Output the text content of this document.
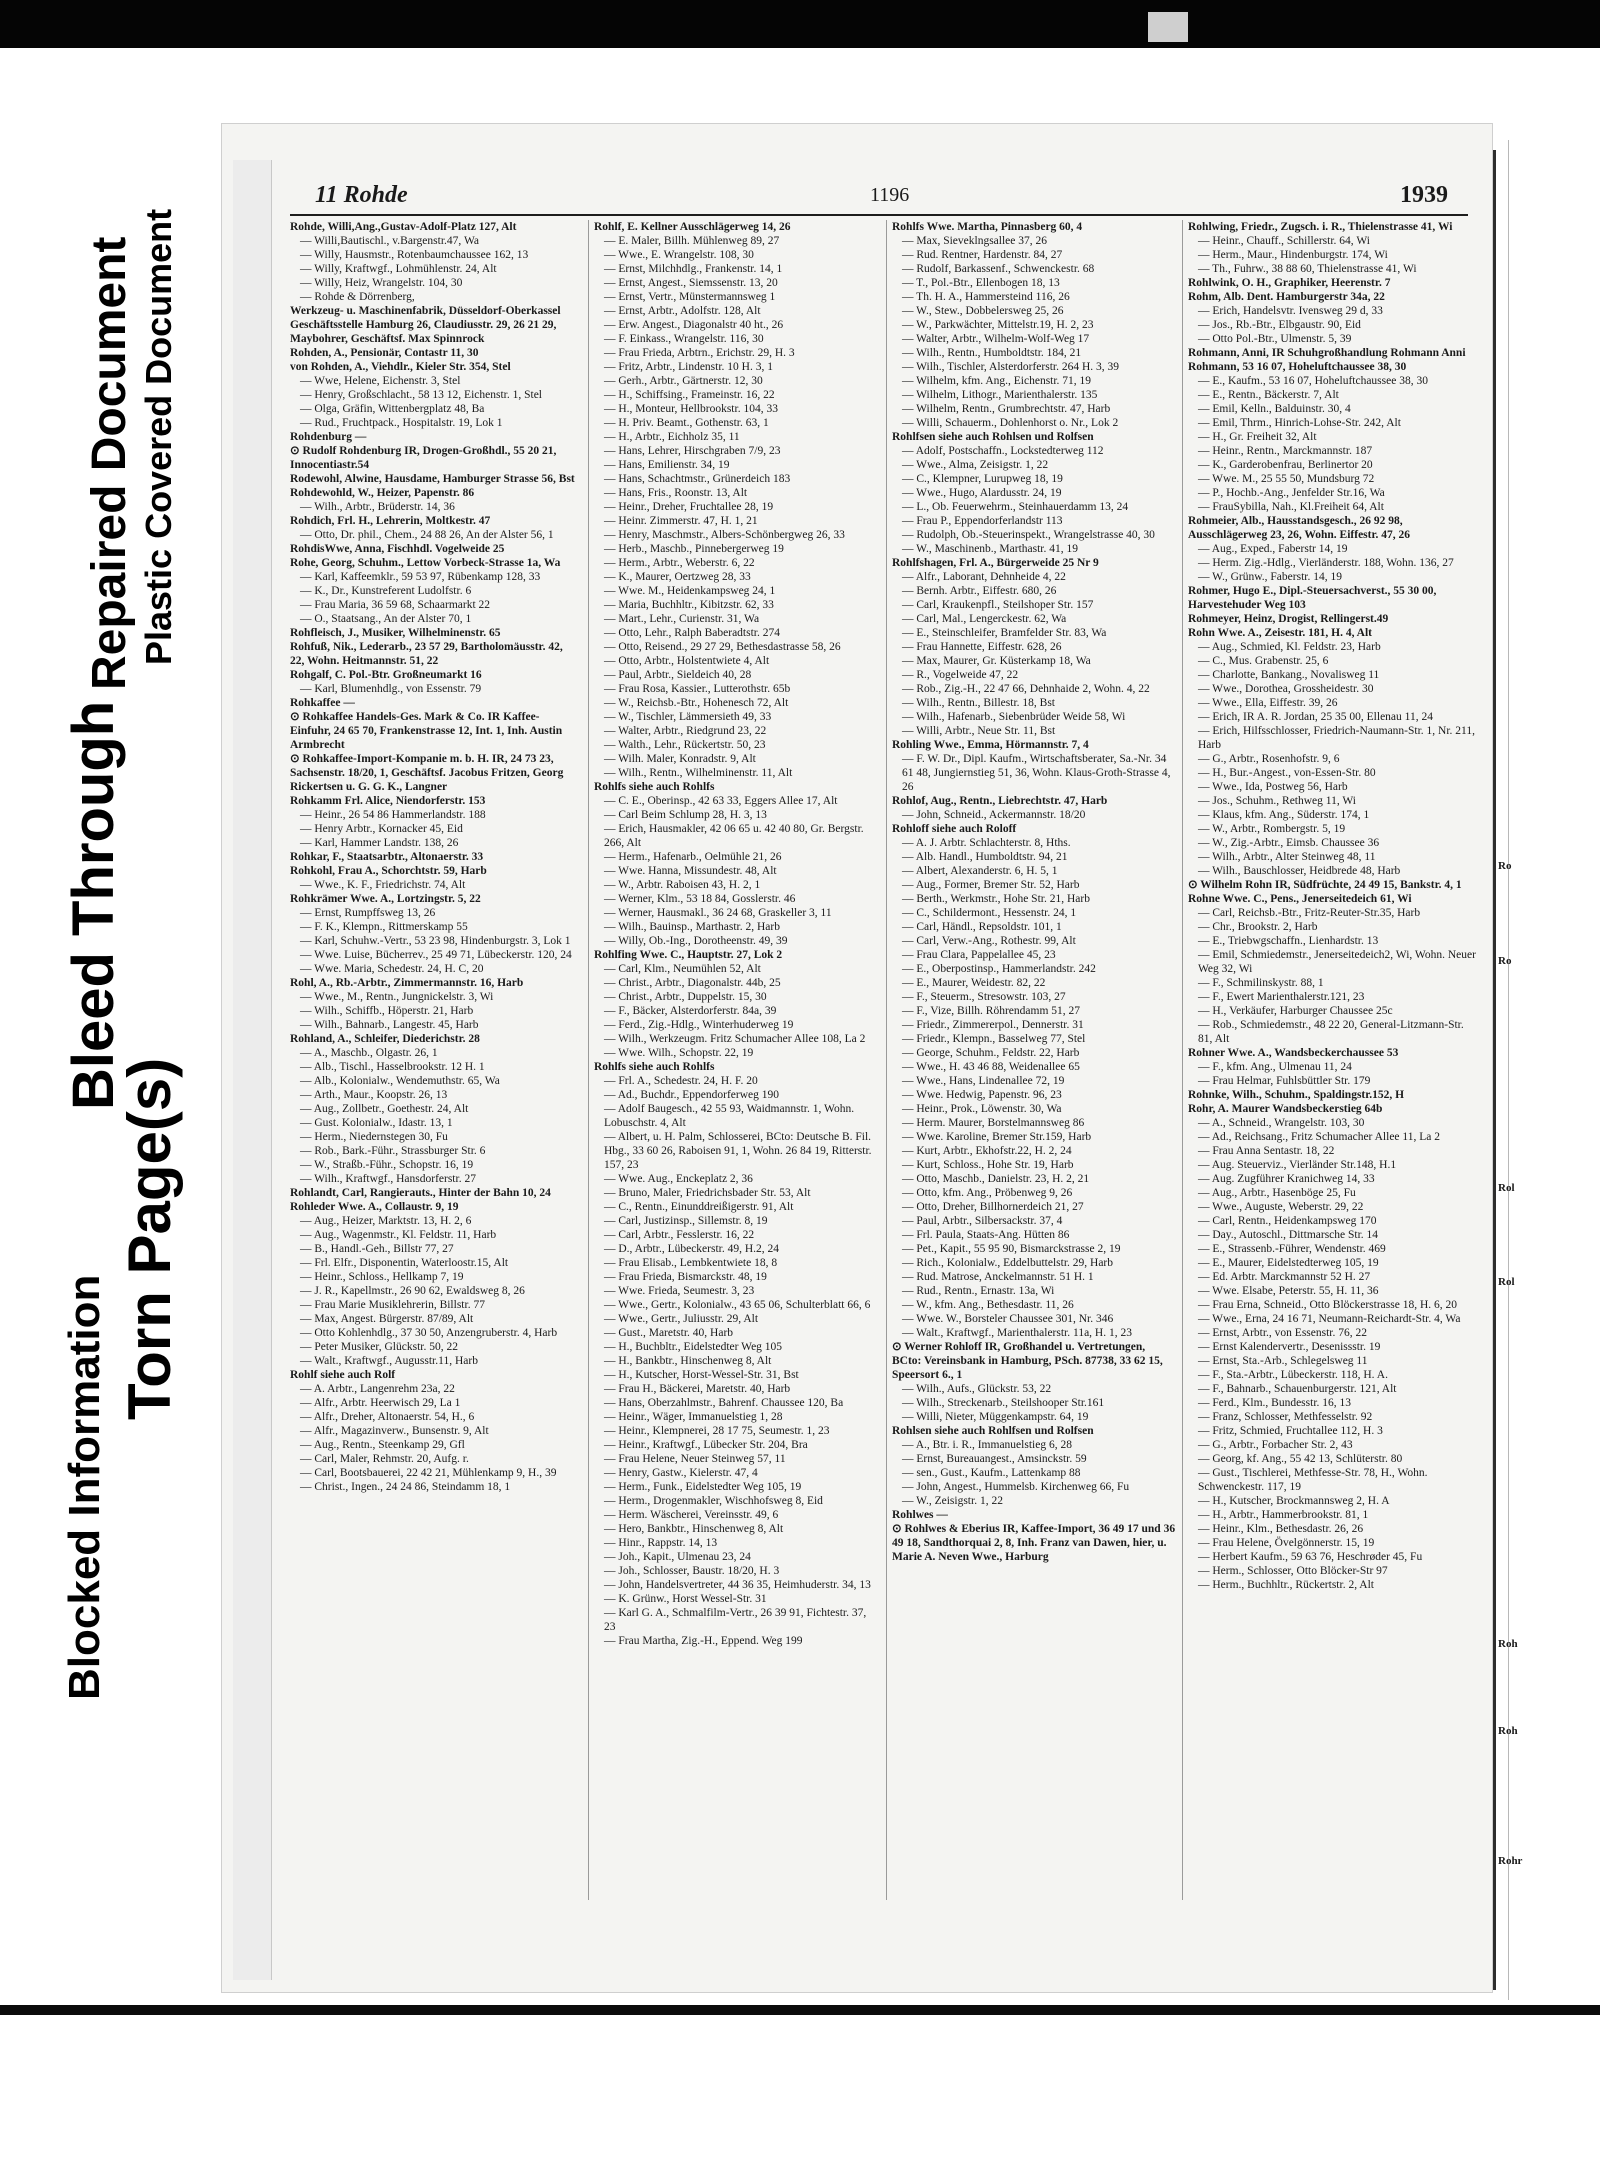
Blocked Information
Torn Page(s)
Bleed Through
Repaired Document Plastic Covered Document
11 Rohde	1196	1939
Rohde, Willi,Ang.,Gustav-Adolf-Platz 127, Alt
— Willi,Bautischl., v.Bargenstr.47, Wa
— Willy, Hausmstr., Rotenbaumchaussee 162, 13
— Willy, Kraftwgf., Lohmühlenstr. 24, Alt
— Willy, Heiz, Wrangelstr. 104, 30
— Rohde & Dörrenberg,
Werkzeug- u. Maschinenfabrik, Düsseldorf-Oberkassel Geschäftsstelle Hamburg 26, Claudiusstr. 29, 26 21 29, Maybohrer, Geschäftsf. Max Spinnrock
Rohden, A., Pensionär, Contastr 11, 30
von Rohden, A., Viehdlr., Kieler Str. 354, Stel
— Wwe, Helene, Eichenstr. 3, Stel
— Henry, Großschlacht., 58 13 12, Eichenstr. 1, Stel
— Olga, Gräfin, Wittenbergplatz 48, Ba
— Rud., Fruchtpack., Hospitalstr. 19, Lok 1
Rohdenburg —
⊙ Rudolf Rohdenburg IR, Drogen-Großhdl., 55 20 21, Innocentiastr.54
Rodewohl, Alwine, Hausdame, Hamburger Strasse 56, Bst
Rohdewohld, W., Heizer, Papenstr. 86
— Wilh., Arbtr., Brüderstr. 14, 36
Rohdich, Frl. H., Lehrerin, Moltkestr. 47
— Otto, Dr. phil., Chem., 24 88 26, An der Alster 56, 1
RohdisWwe, Anna, Fischhdl. Vogelweide 25
Rohe, Georg, Schuhm., Lettow Vorbeck-Strasse 1a, Wa
— Karl, Kaffeemklr., 59 53 97, Rübenkamp 128, 33
— K., Dr., Kunstreferent Ludolfstr. 6
— Frau Maria, 36 59 68, Schaarmarkt 22
— O., Staatsang., An der Alster 70, 1
Rohfleisch, J., Musiker, Wilhelminenstr. 65
Rohfuß, Nik., Lederarb., 23 57 29, Bartholomäusstr. 42, 22, Wohn. Heitmannstr. 51, 22
Rohgalf, C. Pol.-Btr. Großneumarkt 16
— Karl, Blumenhdlg., von Essenstr. 79
Rohkaffee —
⊙ Rohkaffee Handels-Ges. Mark & Co. IR Kaffee-Einfuhr, 24 65 70, Frankenstrasse 12, Int. 1, Inh. Austin Armbrecht
⊙ Rohkaffee-Import-Kompanie m. b. H. IR, 24 73 23, Sachsenstr. 18/20, 1, Geschäftsf. Jacobus Fritzen, Georg Rickertsen u. G. G. K., Langner
Rohkamm Frl. Alice, Niendorferstr. 153
— Heinr., 26 54 86 Hammerlandstr. 188
— Henry Arbtr., Kornacker 45, Eid
— Karl, Hammer Landstr. 138, 26
Rohkar, F., Staatsarbtr., Altonaerstr. 33
Rohkohl, Frau A., Schorchtstr. 59, Harb
— Wwe., K. F., Friedrichstr. 74, Alt
Rohkrämer Wwe. A., Lortzingstr. 5, 22
— Ernst, Rumpffsweg 13, 26
— F. K., Klempn., Rittmerskamp 55
— Karl, Schuhw.-Vertr., 53 23 98, Hindenburgstr. 3, Lok 1
— Wwe. Luise, Bücherrev., 25 49 71, Lübeckerstr. 120, 24
— Wwe. Maria, Schedestr. 24, H. C, 20
Rohl, A., Rb.-Arbtr., Zimmermannstr. 16, Harb
— Wwe., M., Rentn., Jungnickelstr. 3, Wi
— Wilh., Schiffb., Höperstr. 21, Harb
— Wilh., Bahnarb., Langestr. 45, Harb
Rohland, A., Schleifer, Diederichstr. 28
— A., Maschb., Olgastr. 26, 1
— Alb., Tischl., Hasselbrookstr. 12 H. 1
— Alb., Kolonialw., Wendemuthstr. 65, Wa
— Arth., Maur., Koopstr. 26, 13
— Aug., Zollbetr., Goethestr. 24, Alt
— Gust. Kolonialw., Idastr. 13, 1
— Herm., Niedernstegen 30, Fu
— Rob., Bark.-Führ., Strassburger Str. 6
— W., Straßb.-Führ., Schopstr. 16, 19
— Wilh., Kraftwgf., Hansdorferstr. 27
Rohlandt, Carl, Rangierauts., Hinter der Bahn 10, 24
Rohleder Wwe. A., Collaustr. 9, 19
— Aug., Heizer, Marktstr. 13, H. 2, 6
— Aug., Wagenmstr., Kl. Feldstr. 11, Harb
— B., Handl.-Geh., Billstr 77, 27
— Frl. Elfr., Disponentin, Waterloostr.15, Alt
— Heinr., Schloss., Hellkamp 7, 19
— J. R., Kapellmstr., 26 90 62, Ewaldsweg 8, 26
— Frau Marie Musiklehrerin, Billstr. 77
— Max, Angest. Bürgerstr. 87/89, Alt
— Otto Kohlenhdlg., 37 30 50, Anzengruberstr. 4, Harb
— Peter Musiker, Glückstr. 50, 22
— Walt., Kraftwgf., Augusstr.11, Harb
Rohlf siehe auch Rolf
— A. Arbtr., Langenrehm 23a, 22
— Alfr., Arbtr. Heerwisch 29, La 1
— Alfr., Dreher, Altonaerstr. 54, H., 6
— Alfr., Magazinverw., Bunsenstr. 9, Alt
— Aug., Rentn., Steenkamp 29, Gfl
— Carl, Maler, Rehmstr. 20, Aufg. r.
— Carl, Bootsbauerei, 22 42 21, Mühlenkamp 9, H., 39
— Christ., Ingen., 24 24 86, Steindamm 18, 1
Rohlf, E. Kellner Ausschlägerweg 14, 26
— E. Maler, Billh. Mühlenweg 89, 27
— Wwe., E. Wrangelstr. 108, 30
— Ernst, Milchhdlg., Frankenstr. 14, 1
— Ernst, Angest., Siemssenstr. 13, 20
— Ernst, Vertr., Münstermannsweg 1
— Ernst, Arbtr., Adolfstr. 128, Alt
— Erw. Angest., Diagonalstr 40 ht., 26
— F. Einkass., Wrangelstr. 116, 30
— Frau Frieda, Arbtrn., Erichstr. 29, H. 3
— Fritz, Arbtr., Lindenstr. 10 H. 3, 1
— Gerh., Arbtr., Gärtnerstr. 12, 30
— H., Schiffsing., Frameinstr. 16, 22
— H., Monteur, Hellbrookstr. 104, 33
— H. Priv. Beamt., Gothenstr. 63, 1
— H., Arbtr., Eichholz 35, 11
— Hans, Lehrer, Hirschgraben 7/9, 23
— Hans, Emilienstr. 34, 19
— Hans, Schachtmstr., Grünerdeich 183
— Hans, Fris., Roonstr. 13, Alt
— Heinr., Dreher, Fruchtallee 28, 19
— Heinr. Zimmerstr. 47, H. 1, 21
— Henry, Maschmstr., Albers-Schönbergweg 26, 33
— Herb., Maschb., Pinnebergerweg 19
— Herm., Arbtr., Weberstr. 6, 22
— K., Maurer, Oertzweg 28, 33
— Wwe. M., Heidenkampsweg 24, 1
— Maria, Buchhltr., Kibitzstr. 62, 33
— Mart., Lehr., Curienstr. 31, Wa
— Otto, Lehr., Ralph Baberadtstr. 274
— Otto, Reisend., 29 27 29, Bethesdastrasse 58, 26
— Otto, Arbtr., Holstentwiete 4, Alt
— Paul, Arbtr., Sieldeich 40, 28
— Frau Rosa, Kassier., Lutterothstr. 65b
— W., Reichsb.-Btr., Hohenesch 72, Alt
— W., Tischler, Lämmersieth 49, 33
— Walter, Arbtr., Riedgrund 23, 22
— Walth., Lehr., Rückertstr. 50, 23
— Wilh. Maler, Konradstr. 9, Alt
— Wilh., Rentn., Wilhelminenstr. 11, Alt
Rohlfs siehe auch Rohlfs
— C. E., Oberinsp., 42 63 33, Eggers Allee 17, Alt
— Carl Beim Schlump 28, H. 3, 13
— Erich, Hausmakler, 42 06 65 u. 42 40 80, Gr. Bergstr. 266, Alt
— Herm., Hafenarb., Oelmühle 21, 26
— Wwe. Hanna, Missundestr. 48, Alt
— W., Arbtr. Raboisen 43, H. 2, 1
— Werner, Klm., 53 18 84, Gosslerstr. 46
— Werner, Hausmakl., 36 24 68, Graskeller 3, 11
— Wilh., Bauinsp., Marthastr. 2, Harb
— Willy, Ob.-Ing., Dorotheenstr. 49, 39
Rohlfing Wwe. C., Hauptstr. 27, Lok 2
— Carl, Klm., Neumühlen 52, Alt
— Christ., Arbtr., Diagonalstr. 44b, 25
— Christ., Arbtr., Duppelstr. 15, 30
— F., Bäcker, Alsterdorferstr. 84a, 39
— Ferd., Zig.-Hdlg., Winterhuderweg 19
— Wilh., Werkzeugm. Fritz Schumacher Allee 108, La 2
— Wwe. Wilh., Schopstr. 22, 19
Rohlfs siehe auch Rohlfs
— Frl. A., Schedestr. 24, H. F. 20
— Ad., Buchdr., Eppendorferweg 190
— Adolf Baugesch., 42 55 93, Waidmannstr. 1, Wohn. Lobuschstr. 4, Alt
— Albert, u. H. Palm, Schlosserei, BCto: Deutsche B. Fil. Hbg., 33 60 26, Raboisen 91, 1, Wohn. 26 84 19, Ritterstr. 157, 23
— Wwe. Aug., Enckeplatz 2, 36
— Bruno, Maler, Friedrichsbader Str. 53, Alt
— C., Rentn., Einunddreißigerstr. 91, Alt
— Carl, Justizinsp., Sillemstr. 8, 19
— Carl, Arbtr., Fesslerstr. 16, 22
— D., Arbtr., Lübeckerstr. 49, H.2, 24
— Frau Elisab., Lembkentwiete 18, 8
— Frau Frieda, Bismarckstr. 48, 19
— Wwe. Frieda, Seumestr. 3, 23
— Wwe., Gertr., Kolonialw., 43 65 06, Schulterblatt 66, 6
— Wwe., Gertr., Juliusstr. 29, Alt
— Gust., Maretstr. 40, Harb
— H., Buchbltr., Eidelstedter Weg 105
— H., Bankbtr., Hinschenweg 8, Alt
— H., Kutscher, Horst-Wessel-Str. 31, Bst
— Frau H., Bäckerei, Maretstr. 40, Harb
— Hans, Oberzahlmstr., Bahrenf. Chaussee 120, Ba
— Heinr., Wäger, Immanuelstieg 1, 28
— Heinr., Klempnerei, 28 17 75, Seumestr. 1, 23
— Heinr., Kraftwgf., Lübecker Str. 204, Bra
— Frau Helene, Neuer Steinweg 57, 11
— Henry, Gastw., Kielerstr. 47, 4
— Herm., Funk., Eidelstedter Weg 105, 19
— Herm., Drogenmakler, Wischhofsweg 8, Eid
— Herm. Wäscherei, Vereinsstr. 49, 6
— Hero, Bankbtr., Hinschenweg 8, Alt
— Hinr., Rappstr. 14, 13
— Joh., Kapit., Ulmenau 23, 24
— Joh., Schlosser, Baustr. 18/20, H. 3
— John, Handelsvertreter, 44 36 35, Heimhuderstr. 34, 13
— K. Grünw., Horst Wessel-Str. 31
— Karl G. A., Schmalfilm-Vertr., 26 39 91, Fichtestr. 37, 23
— Frau Martha, Zig.-H., Eppend. Weg 199
Rohlfs Wwe. Martha, Pinnasberg 60, 4
— Max, Sieveklngsallee 37, 26
— Rud. Rentner, Hardenstr. 84, 27
— Rudolf, Barkassenf., Schwenckestr. 68
— T., Pol.-Btr., Ellenbogen 18, 13
— Th. H. A., Hammersteind 116, 26
— W., Stew., Dobbelersweg 25, 26
— W., Parkwächter, Mittelstr.19, H. 2, 23
— Walter, Arbtr., Wilhelm-Wolf-Weg 17
— Wilh., Rentn., Humboldtstr. 184, 21
— Wilh., Tischler, Alsterdorferstr. 264 H. 3, 39
— Wilhelm, kfm. Ang., Eichenstr. 71, 19
— Wilhelm, Lithogr., Marienthalerstr. 135
— Wilhelm, Rentn., Grumbrechtstr. 47, Harb
— Willi, Schauerm., Dohlenhorst o. Nr., Lok 2
Rohlfsen siehe auch Rohlsen und Rolfsen
— Adolf, Postschaffn., Lockstedterweg 112
— Wwe., Alma, Zeisigstr. 1, 22
— C., Klempner, Lurupweg 18, 19
— Wwe., Hugo, Alardusstr. 24, 19
— L., Ob. Feuerwehrm., Steinhauerdamm 13, 24
— Frau P., Eppendorferlandstr 113
— Rudolph, Ob.-Steuerinspekt., Wrangelstrasse 40, 30
— W., Maschinenb., Marthastr. 41, 19
Rohlfshagen, Frl. A., Bürgerweide 25 Nr 9
— Alfr., Laborant, Dehnheide 4, 22
— Bernh. Arbtr., Eiffestr. 680, 26
— Carl, Kraukenpfl., Steilshoper Str. 157
— Carl, Mal., Lengerckestr. 62, Wa
— E., Steinschleifer, Bramfelder Str. 83, Wa
— Frau Hannette, Eiffestr. 628, 26
— Max, Maurer, Gr. Küsterkamp 18, Wa
— R., Vogelweide 47, 22
— Rob., Zig.-H., 22 47 66, Dehnhaide 2, Wohn. 4, 22
— Wilh., Rentn., Billestr. 18, Bst
— Wilh., Hafenarb., Siebenbrüder Weide 58, Wi
— Willi, Arbtr., Neue Str. 11, Bst
Rohling Wwe., Emma, Hörmannstr. 7, 4
— F. W. Dr., Dipl. Kaufm., Wirtschaftsberater, Sa.-Nr. 34 61 48, Jungiernstieg 51, 36, Wohn. Klaus-Groth-Strasse 4, 26
Rohlof, Aug., Rentn., Liebrechtstr. 47, Harb
— John, Schneid., Ackermannstr. 18/20
Rohloff siehe auch Roloff
— A. J. Arbtr. Schlachterstr. 8, Hths.
— Alb. Handl., Humboldtstr. 94, 21
— Albert, Alexanderstr. 6, H. 5, 1
— Aug., Former, Bremer Str. 52, Harb
— Berth., Werkmstr., Hohe Str. 21, Harb
— C., Schildermont., Hessenstr. 24, 1
— Carl, Händl., Repsoldstr. 101, 1
— Carl, Verw.-Ang., Rothestr. 99, Alt
— Frau Clara, Pappelallee 45, 23
— E., Oberpostinsp., Hammerlandstr. 242
— E., Maurer, Weidestr. 82, 22
— F., Steuerm., Stresowstr. 103, 27
— F., Vize, Billh. Röhrendamm 51, 27
— Friedr., Zimmererpol., Dennerstr. 31
— Friedr., Klempn., Basselweg 77, Stel
— George, Schuhm., Feldstr. 22, Harb
— Wwe., H. 43 46 88, Weidenallee 65
— Wwe., Hans, Lindenallee 72, 19
— Wwe. Hedwig, Papenstr. 96, 23
— Heinr., Prok., Löwenstr. 30, Wa
— Herm. Maurer, Borstelmannsweg 86
— Wwe. Karoline, Bremer Str.159, Harb
— Kurt, Arbtr., Ekhofstr.22, H. 2, 24
— Kurt, Schloss., Hohe Str. 19, Harb
— Otto, Maschb., Danielstr. 23, H. 2, 21
— Otto, kfm. Ang., Pröbenweg 9, 26
— Otto, Dreher, Billhornerdeich 21, 27
— Paul, Arbtr., Silbersackstr. 37, 4
— Frl. Paula, Staats-Ang. Hütten 86
— Pet., Kapit., 55 95 90, Bismarckstrasse 2, 19
— Rich., Kolonialw., Eddelbuttelstr. 29, Harb
— Rud. Matrose, Anckelmannstr. 51 H. 1
— Rud., Rentn., Ernastr. 13a, Wi
— W., kfm. Ang., Bethesdastr. 11, 26
— Wwe. W., Borsteler Chaussee 301, Nr. 346
— Walt., Kraftwgf., Marienthalerstr. 11a, H. 1, 23
⊙ Werner Rohloff IR, Großhandel u. Vertretungen, BCto: Vereinsbank in Hamburg, PSch. 87738, 33 62 15, Speersort 6., 1
— Wilh., Aufs., Glückstr. 53, 22
— Wilh., Streckenarb., Steilshooper Str.161
— Willi, Nieter, Müggenkampstr. 64, 19
Rohlsen siehe auch Rohlfsen und Rolfsen
— A., Btr. i. R., Immanuelstieg 6, 28
— Ernst, Bureauangest., Amsinckstr. 59
— sen., Gust., Kaufm., Lattenkamp 88
— John, Angest., Hummelsb. Kirchenweg 66, Fu
— W., Zeisigstr. 1, 22
Rohlwes —
⊙ Rohlwes & Eberius IR, Kaffee-Import, 36 49 17 und 36 49 18, Sandthorquai 2, 8, Inh. Franz van Dawen, hier, u. Marie A. Neven Wwe., Harburg
Rohlwing, Friedr., Zugsch. i. R., Thielenstrasse 41, Wi
— Heinr., Chauff., Schillerstr. 64, Wi
— Herm., Maur., Hindenburgstr. 174, Wi
— Th., Fuhrw., 38 88 60, Thielenstrasse 41, Wi
Rohlwink, O. H., Graphiker, Heerenstr. 7
Rohm, Alb. Dent. Hamburgerstr 34a, 22
— Erich, Handelsvtr. Ivensweg 29 d, 33
— Jos., Rb.-Btr., Elbgaustr. 90, Eid
— Otto Pol.-Btr., Ulmenstr. 5, 39
Rohmann, Anni, IR Schuhgroßhandlung Rohmann Anni Rohmann, 53 16 07, Hoheluftchaussee 38, 30
— E., Kaufm., 53 16 07, Hoheluftchaussee 38, 30
— E., Rentn., Bäckerstr. 7, Alt
— Emil, Kelln., Balduinstr. 30, 4
— Emil, Thrm., Hinrich-Lohse-Str. 242, Alt
— H., Gr. Freiheit 32, Alt
— Heinr., Rentn., Marckmannstr. 187
— K., Garderobenfrau, Berlinertor 20
— Wwe. M., 25 55 50, Mundsburg 72
— P., Hochb.-Ang., Jenfelder Str.16, Wa
— FrauSybilla, Nah., Kl.Freiheit 64, Alt
Rohmeier, Alb., Hausstandsgesch., 26 92 98, Ausschlägerweg 23, 26, Wohn. Eiffestr. 47, 26
— Aug., Exped., Faberstr 14, 19
— Herm. Zig.-Hdlg., Vierländerstr. 188, Wohn. 136, 27
— W., Grünw., Faberstr. 14, 19
Rohmer, Hugo E., Dipl.-Steuersachverst., 55 30 00, Harvestehuder Weg 103
Rohmeyer, Heinz, Drogist, Rellingerst.49
Rohn Wwe. A., Zeisestr. 181, H. 4, Alt
— Aug., Schmied, Kl. Feldstr. 23, Harb
— C., Mus. Grabenstr. 25, 6
— Charlotte, Bankang., Novalisweg 11
— Wwe., Dorothea, Grossheidestr. 30
— Wwe., Ella, Eiffestr. 39, 26
— Erich, IR A. R. Jordan, 25 35 00, Ellenau 11, 24
— Erich, Hilfsschlosser, Friedrich-Naumann-Str. 1, Nr. 211, Harb
— G., Arbtr., Rosenhofstr. 9, 6
— H., Bur.-Angest., von-Essen-Str. 80
— Wwe., Ida, Postweg 56, Harb
— Jos., Schuhm., Rethweg 11, Wi
— Klaus, kfm. Ang., Süderstr. 174, 1
— W., Arbtr., Rombergstr. 5, 19
— W., Zig.-Arbtr., Eimsb. Chaussee 36
— Wilh., Arbtr., Alter Steinweg 48, 11
— Wilh., Bauschlosser, Heidbrede 48, Harb
⊙ Wilhelm Rohn IR, Südfrüchte, 24 49 15, Bankstr. 4, 1
Rohne Wwe. C., Pens., Jenerseitedeich 61, Wi
— Carl, Reichsb.-Btr., Fritz-Reuter-Str.35, Harb
— Chr., Brookstr. 2, Harb
— E., Triebwgschaffn., Lienhardstr. 13
— Emil, Schmiedemstr., Jenerseitedeich2, Wi, Wohn. Neuer Weg 32, Wi
— F., Schmilinskystr. 88, 1
— F., Ewert Marienthalerstr.121, 23
— H., Verkäufer, Harburger Chaussee 25c
— Rob., Schmiedemstr., 48 22 20, General-Litzmann-Str. 81, Alt
Rohner Wwe. A., Wandsbeckerchaussee 53
— F., kfm. Ang., Ulmenau 11, 24
— Frau Helmar, Fuhlsbüttler Str. 179
Rohnke, Wilh., Schuhm., Spaldingstr.152, H
Rohr, A. Maurer Wandsbeckerstieg 64b
— A., Schneid., Wrangelstr. 103, 30
— Ad., Reichsang., Fritz Schumacher Allee 11, La 2
— Frau Anna Sentastr. 18, 22
— Aug. Steuerviz., Vierländer Str.148, H.1
— Aug. Zugführer Kranichweg 14, 33
— Aug., Arbtr., Hasenböge 25, Fu
— Wwe., Auguste, Weberstr. 29, 22
— Carl, Rentn., Heidenkampsweg 170
— Day., Autoschl., Dittmarsche Str. 14
— E., Strassenb.-Führer, Wendenstr. 469
— E., Maurer, Eidelstedterweg 105, 19
— Ed. Arbtr. Marckmannstr 52 H. 27
— Wwe. Elsabe, Peterstr. 55, H. 11, 36
— Frau Erna, Schneid., Otto Blöckerstrasse 18, H. 6, 20
— Wwe., Erna, 24 16 71, Neumann-Reichardt-Str. 4, Wa
— Ernst, Arbtr., von Essenstr. 76, 22
— Ernst Kalendervertr., Desenissstr. 19
— Ernst, Sta.-Arb., Schlegelsweg 11
— F., Sta.-Arbtr., Lübeckerstr. 118, H. A.
— F., Bahnarb., Schauenburgerstr. 121, Alt
— Ferd., Klm., Bundesstr. 16, 13
— Franz, Schlosser, Methfesselstr. 92
— Fritz, Schmied, Fruchtallee 112, H. 3
— G., Arbtr., Forbacher Str. 2, 43
— Georg, kf. Ang., 55 42 13, Schlüterstr. 80
— Gust., Tischlerei, Methfesse-Str. 78, H., Wohn. Schwenckestr. 117, 19
— H., Kutscher, Brockmannsweg 2, H. A
— H., Arbtr., Hammerbrookstr. 81, 1
— Heinr., Klm., Bethesdastr. 26, 26
— Frau Helene, Övelgönnerstr. 15, 19
— Herbert Kaufm., 59 63 76, Heschrøder 45, Fu
— Herm., Schlosser, Otto Blöcker-Str 97
— Herm., Buchhltr., Rückertstr. 2, Alt
Ro
Ro
Rol
Rol
Roh
Roh
Rohr
